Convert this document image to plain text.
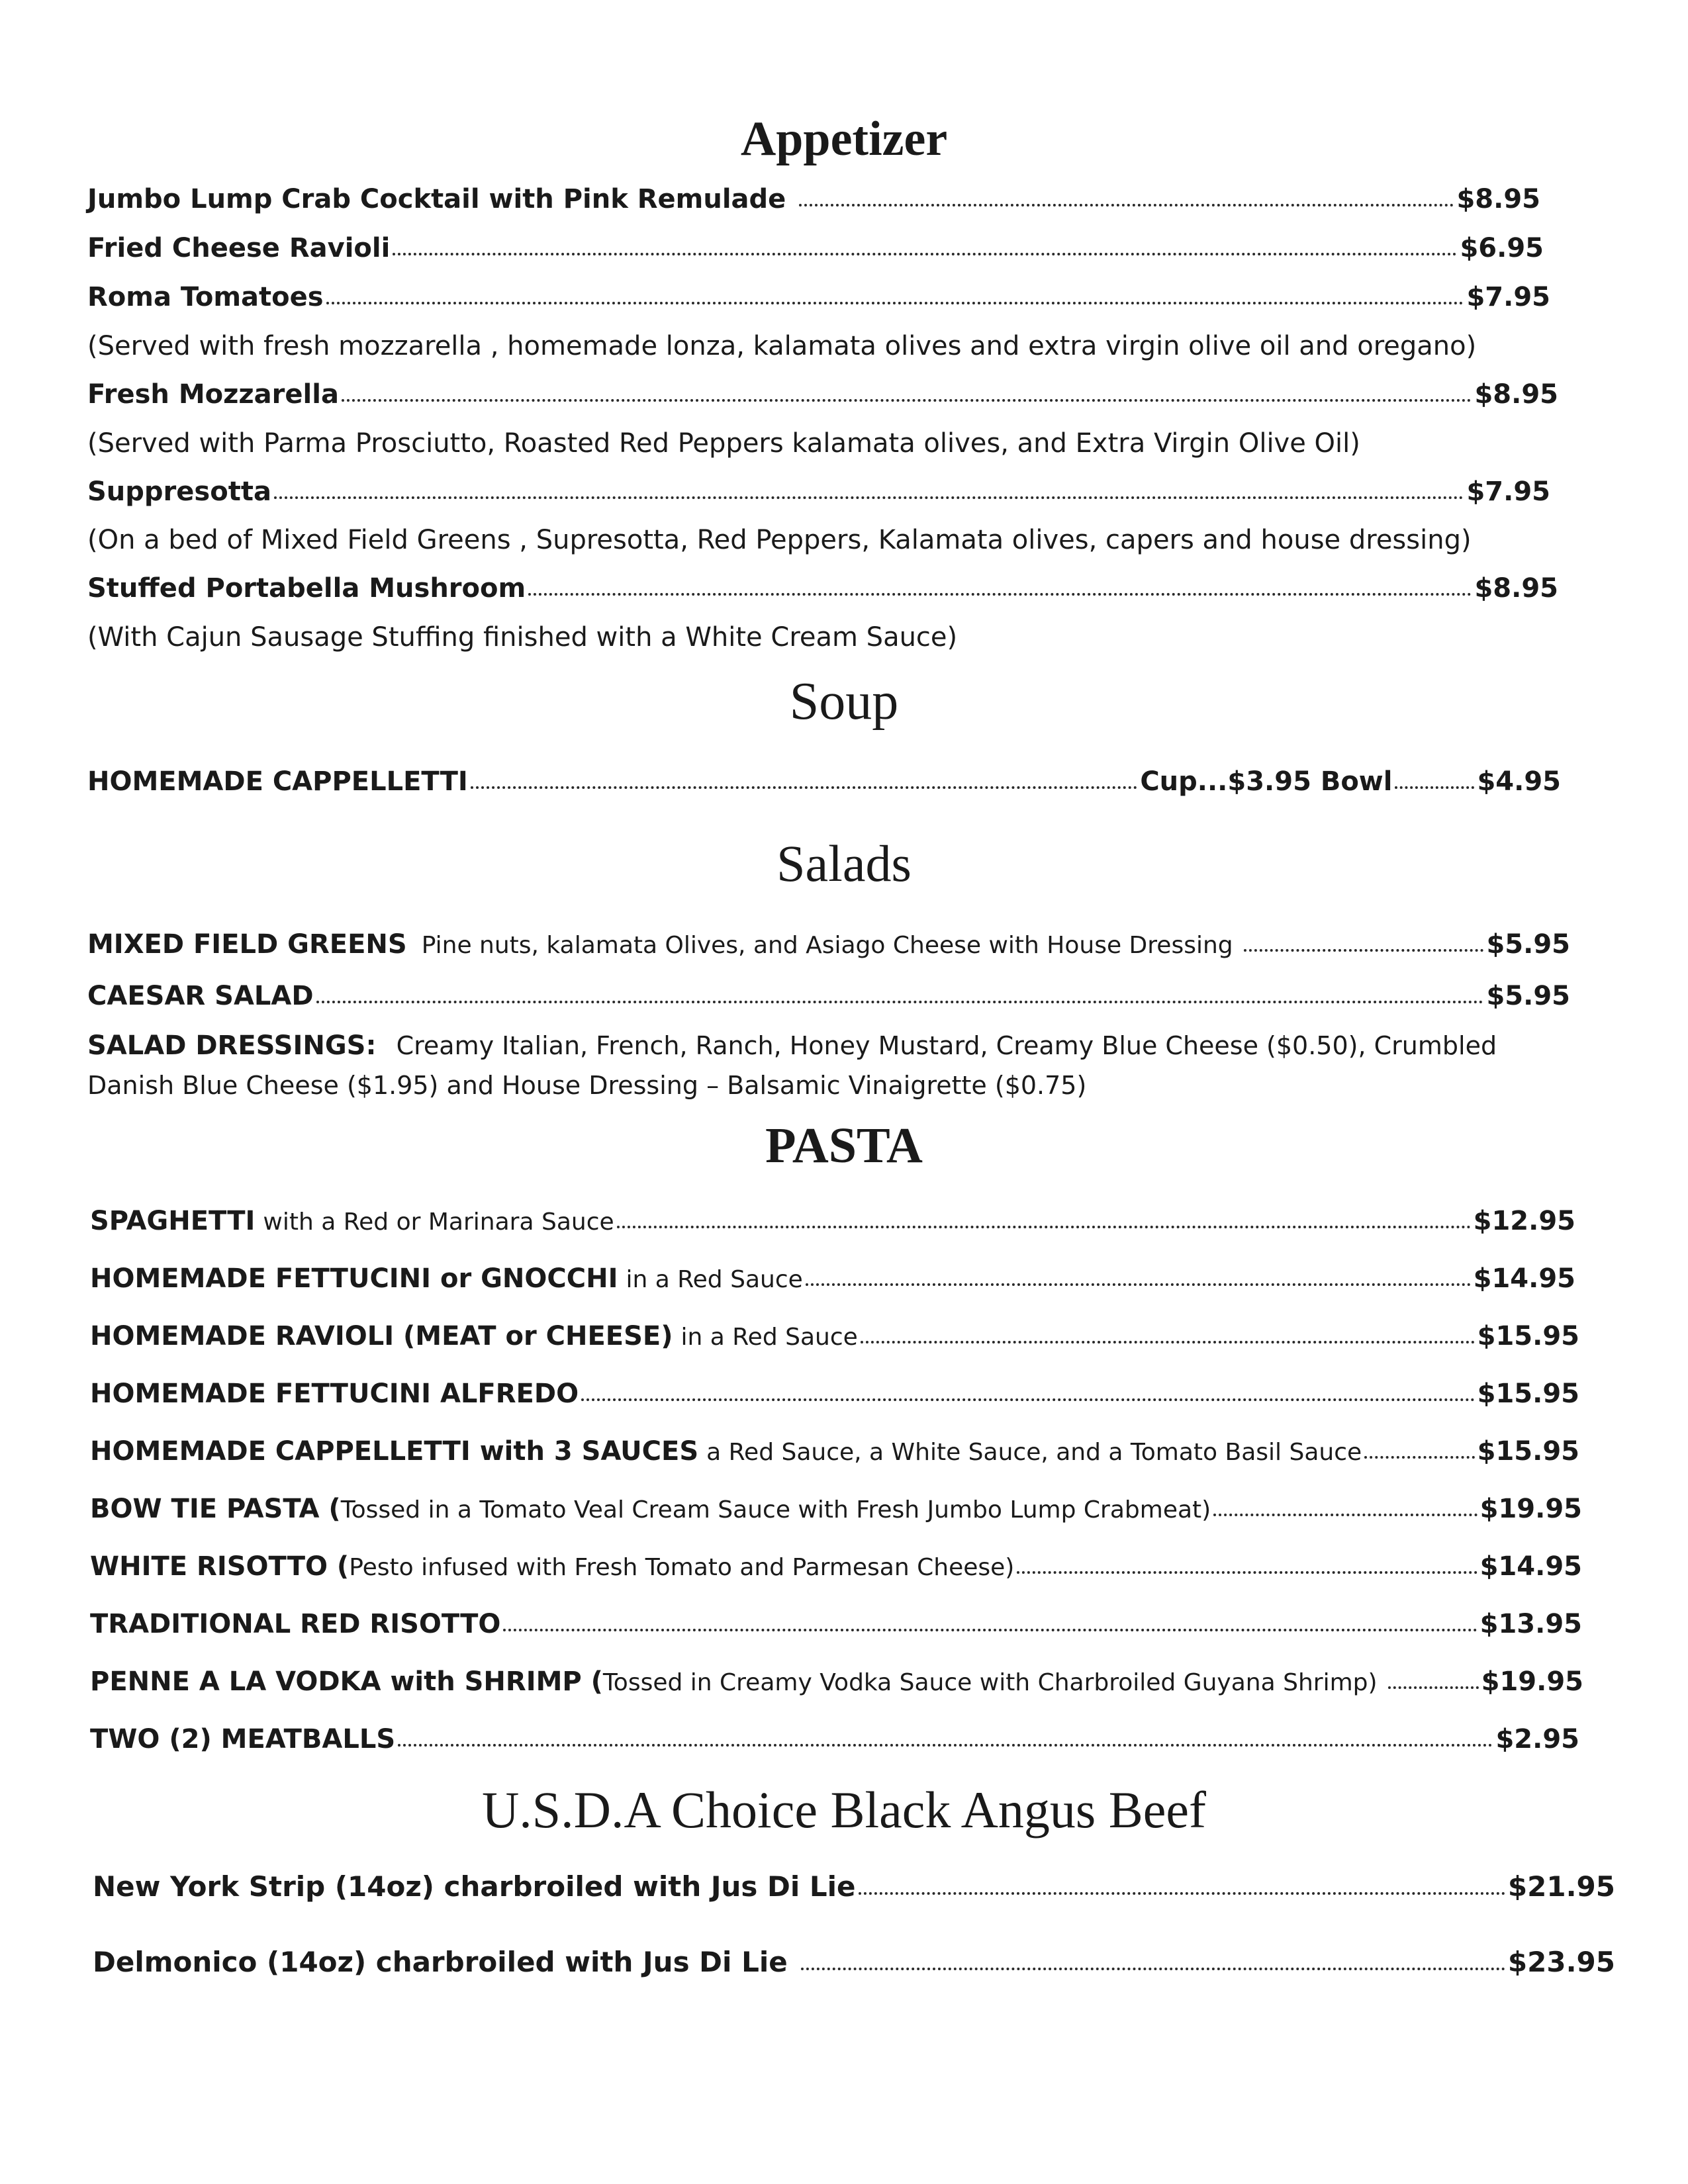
Appetizer
Jumbo Lump Crab Cocktail with Pink Remulade	$8.95
Fried Cheese Ravioli	$6.95
Roma Tomatoes	$7.95
(Served with fresh mozzarella , homemade lonza, kalamata olives and extra virgin olive oil and oregano)
Fresh Mozzarella	$8.95
(Served with Parma Prosciutto, Roasted Red Peppers kalamata olives, and Extra Virgin Olive Oil)
Suppresotta	$7.95
(On a bed of Mixed Field Greens , Supresotta, Red Peppers, Kalamata olives, capers and house dressing)
Stuffed Portabella Mushroom	$8.95
(With Cajun Sausage Stuffing finished with a White Cream Sauce)
Soup
HOMEMADE CAPPELLETTI	Cup...$3.95 Bowl	$4.95
Salads
MIXED FIELD GREENS Pine nuts, kalamata Olives, and Asiago Cheese with House Dressing	$5.95
CAESAR SALAD	$5.95
SALAD DRESSINGS: Creamy Italian, French, Ranch, Honey Mustard, Creamy Blue Cheese ($0.50), Crumbled Danish Blue Cheese ($1.95) and House Dressing – Balsamic Vinaigrette ($0.75)
PASTA
SPAGHETTI with a Red or Marinara Sauce	$12.95
HOMEMADE FETTUCINI or GNOCCHI in a Red Sauce	$14.95
HOMEMADE RAVIOLI (MEAT or CHEESE) in a Red Sauce	$15.95
HOMEMADE FETTUCINI ALFREDO	$15.95
HOMEMADE CAPPELLETTI with 3 SAUCES a Red Sauce, a White Sauce, and a Tomato Basil Sauce	$15.95
BOW TIE PASTA ( Tossed in a Tomato Veal Cream Sauce with Fresh Jumbo Lump Crabmeat)	$19.95
WHITE RISOTTO ( Pesto infused with Fresh Tomato and Parmesan Cheese)	$14.95
TRADITIONAL RED RISOTTO	$13.95
PENNE A LA VODKA with SHRIMP ( Tossed in Creamy Vodka Sauce with Charbroiled Guyana Shrimp)	$19.95
TWO (2) MEATBALLS	$2.95
U.S.D.A Choice Black Angus Beef
New York Strip (14oz) charbroiled with Jus Di Lie	$21.95
Delmonico (14oz) charbroiled with Jus Di Lie	$23.95
